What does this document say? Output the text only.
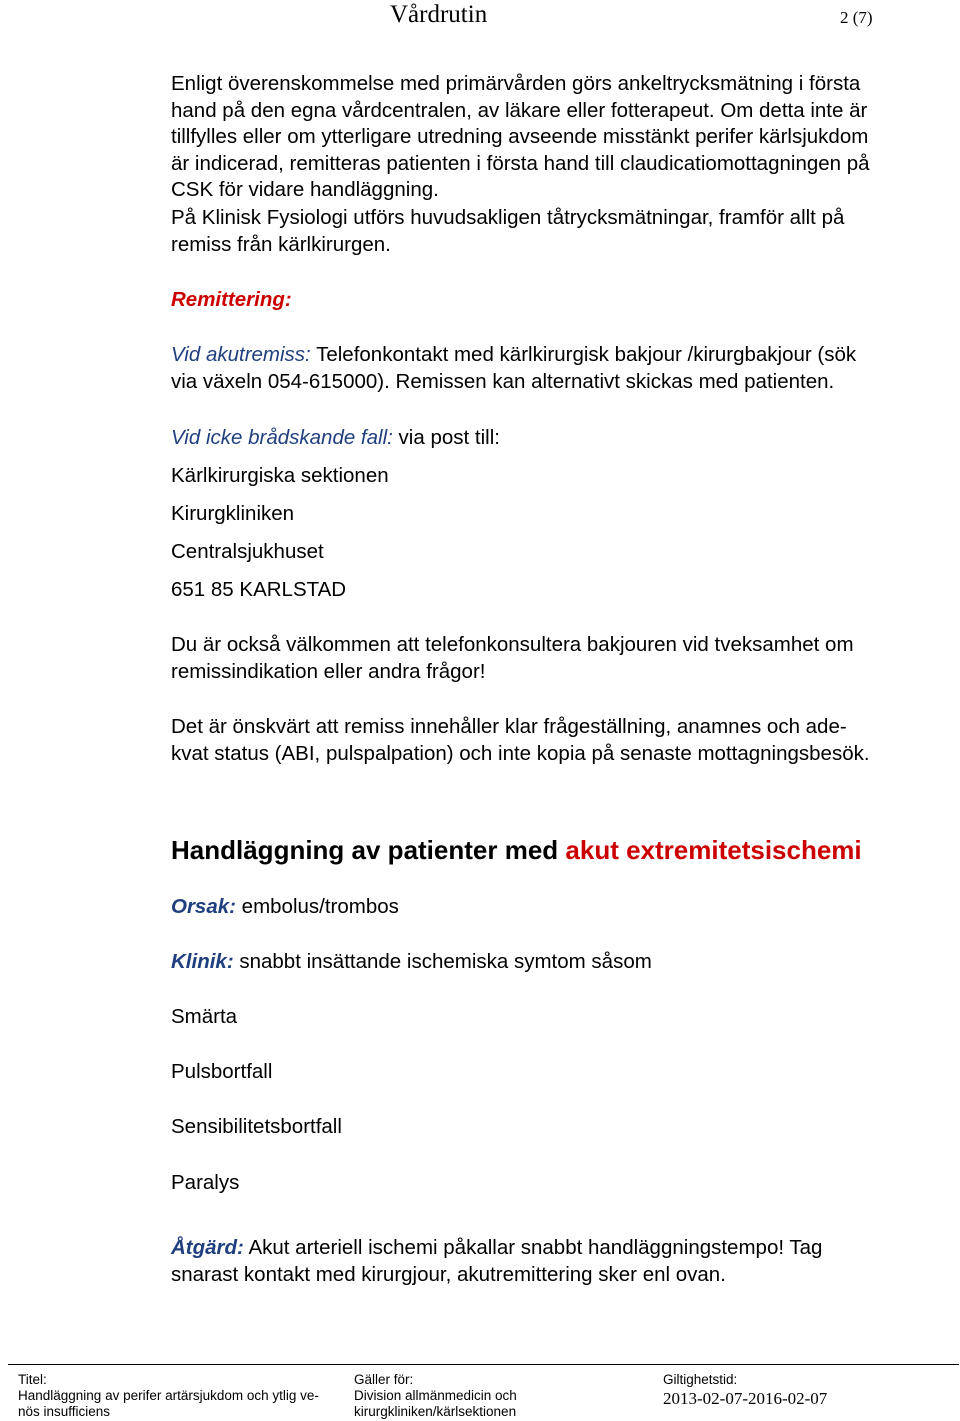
Vårdrutin	2 (7)
Enligt överenskommelse med primärvården görs ankeltrycksmätning i första
hand på den egna vårdcentralen, av läkare eller fotterapeut. Om detta inte är
tillfylles eller om ytterligare utredning avseende misstänkt perifer kärlsjukdom
är indicerad, remitteras patienten i första hand till claudicatiomottagningen på
CSK för vidare handläggning.
På Klinisk Fysiologi utförs huvudsakligen tåtrycksmätningar, framför allt på
remiss från kärlkirurgen.
Remittering:
Vid akutremiss: Telefonkontakt med kärlkirurgisk bakjour /kirurgbakjour (sök
via växeln 054-615000). Remissen kan alternativt skickas med patienten.
Vid icke brådskande fall: via post till:
Kärlkirurgiska sektionen
Kirurgkliniken
Centralsjukhuset
651 85 KARLSTAD
Du är också välkommen att telefonkonsultera bakjouren vid tveksamhet om
remissindikation eller andra frågor!
Det är önskvärt att remiss innehåller klar frågeställning, anamnes och ade-
kvat status (ABI, pulspalpation) och inte kopia på senaste mottagningsbesök.
Handläggning av patienter med akut extremitetsischemi
Orsak: embolus/trombos
Klinik: snabbt insättande ischemiska symtom såsom
Smärta
Pulsbortfall
Sensibilitetsbortfall
Paralys
Åtgärd: Akut arteriell ischemi påkallar snabbt handläggningstempo! Tag
snarast kontakt med kirurgjour, akutremittering sker enl ovan.
Titel:
Handläggning av perifer artärsjukdom och ytlig ve-
nös insufficiens
Gäller för:
Division allmänmedicin och
kirurgkliniken/kärlsektionen
Giltighetstid:
2013-02-07-2016-02-07
